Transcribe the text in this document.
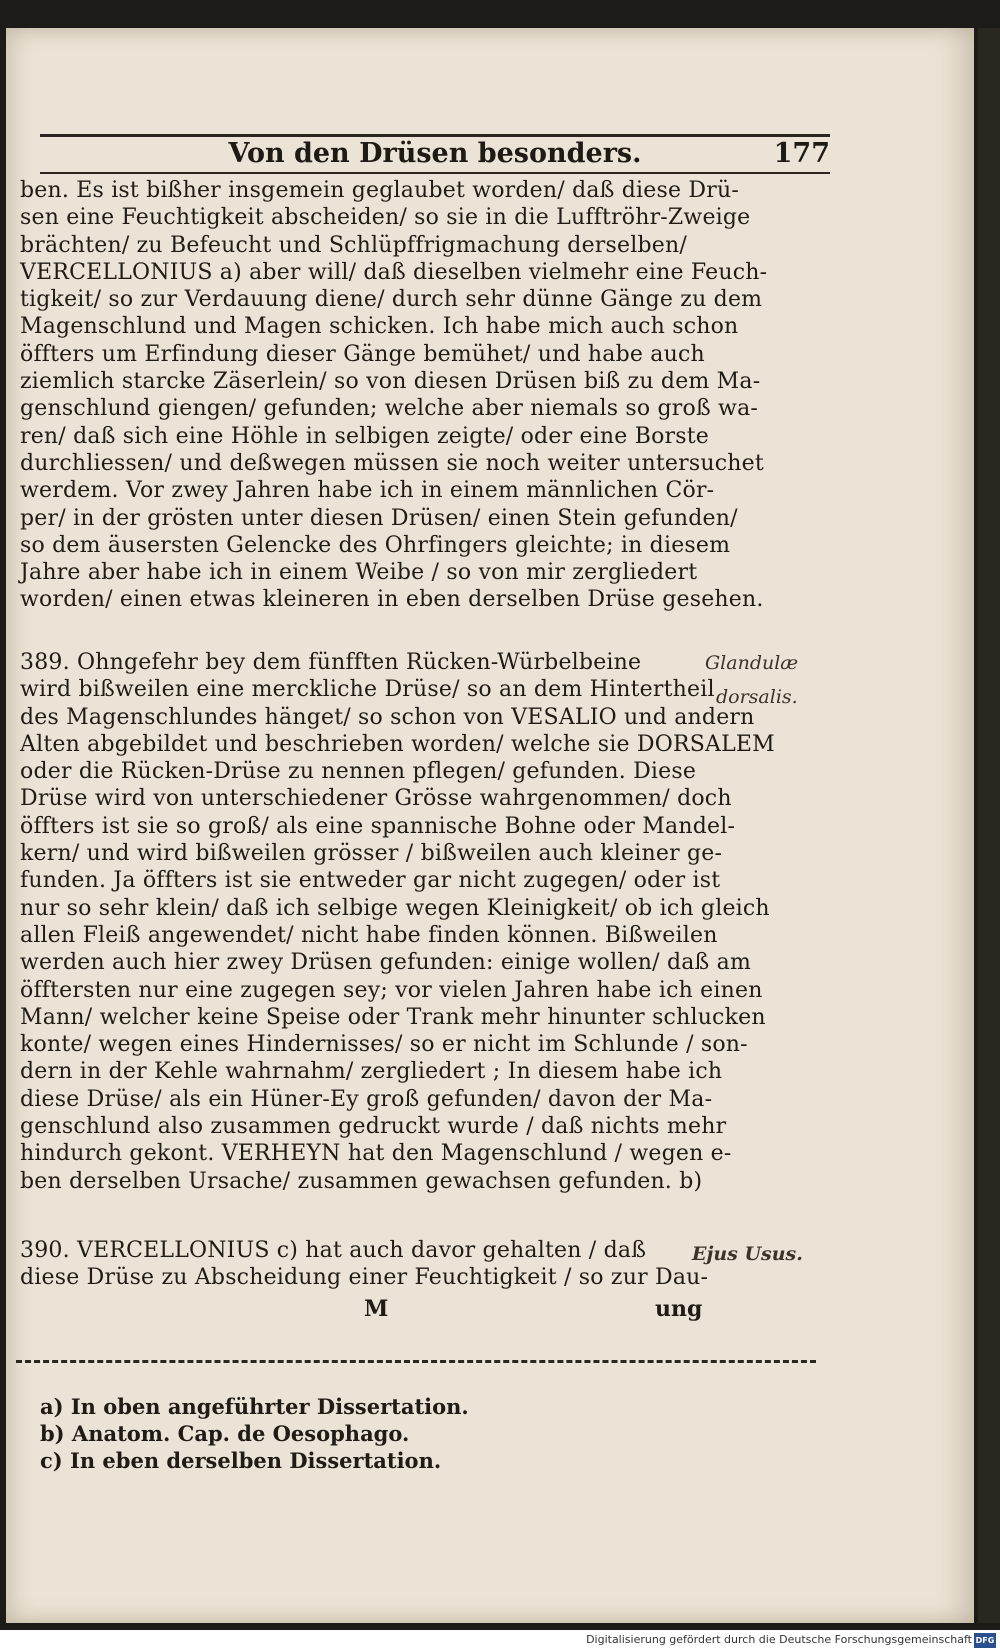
Von den Drüsen besonders.	177
ben. Es ist bißher insgemein geglaubet worden/ daß diese Drü-
sen eine Feuchtigkeit abscheiden/ so sie in die Lufftröhr-Zweige
brächten/ zu Befeucht und Schlüpffrigmachung derselben/
VERCELLONIUS a) aber will/ daß dieselben vielmehr eine Feuch-
tigkeit/ so zur Verdauung diene/ durch sehr dünne Gänge zu dem
Magenschlund und Magen schicken. Ich habe mich auch schon
öffters um Erfindung dieser Gänge bemühet/ und habe auch
ziemlich starcke Zäserlein/ so von diesen Drüsen biß zu dem Ma-
genschlund giengen/ gefunden; welche aber niemals so groß wa-
ren/ daß sich eine Höhle in selbigen zeigte/ oder eine Borste
durchliessen/ und deßwegen müssen sie noch weiter untersuchet
werdem. Vor zwey Jahren habe ich in einem männlichen Cör-
per/ in der grösten unter diesen Drüsen/ einen Stein gefunden/
so dem äusersten Gelencke des Ohrfingers gleichte; in diesem
Jahre aber habe ich in einem Weibe / so von mir zergliedert
worden/ einen etwas kleineren in eben derselben Drüse gesehen.
389. Ohngefehr bey dem fünfften Rücken-Würbelbeine
wird bißweilen eine merckliche Drüse/ so an dem Hintertheil
des Magenschlundes hänget/ so schon von VESALIO und andern
Alten abgebildet und beschrieben worden/ welche sie DORSALEM
oder die Rücken-Drüse zu nennen pflegen/ gefunden. Diese
Drüse wird von unterschiedener Grösse wahrgenommen/ doch
öffters ist sie so groß/ als eine spannische Bohne oder Mandel-
kern/ und wird bißweilen grösser / bißweilen auch kleiner ge-
funden. Ja öffters ist sie entweder gar nicht zugegen/ oder ist
nur so sehr klein/ daß ich selbige wegen Kleinigkeit/ ob ich gleich
allen Fleiß angewendet/ nicht habe finden können. Bißweilen
werden auch hier zwey Drüsen gefunden: einige wollen/ daß am
öfftersten nur eine zugegen sey; vor vielen Jahren habe ich einen
Mann/ welcher keine Speise oder Trank mehr hinunter schlucken
konte/ wegen eines Hindernisses/ so er nicht im Schlunde / son-
dern in der Kehle wahrnahm/ zergliedert ; In diesem habe ich
diese Drüse/ als ein Hüner-Ey groß gefunden/ davon der Ma-
genschlund also zusammen gedruckt wurde / daß nichts mehr
hindurch gekont. VERHEYN hat den Magenschlund / wegen e-
ben derselben Ursache/ zusammen gewachsen gefunden. b)
390. VERCELLONIUS c) hat auch davor gehalten / daß
diese Drüse zu Abscheidung einer Feuchtigkeit / so zur Dau-
Glandulæ
dorsalis.
Ejus Usus.
M	ung
a) In oben angeführter Dissertation.
b) Anatom. Cap. de Oesophago.
c) In eben derselben Dissertation.
Digitalisierung gefördert durch die Deutsche Forschungsgemeinschaft DFG
